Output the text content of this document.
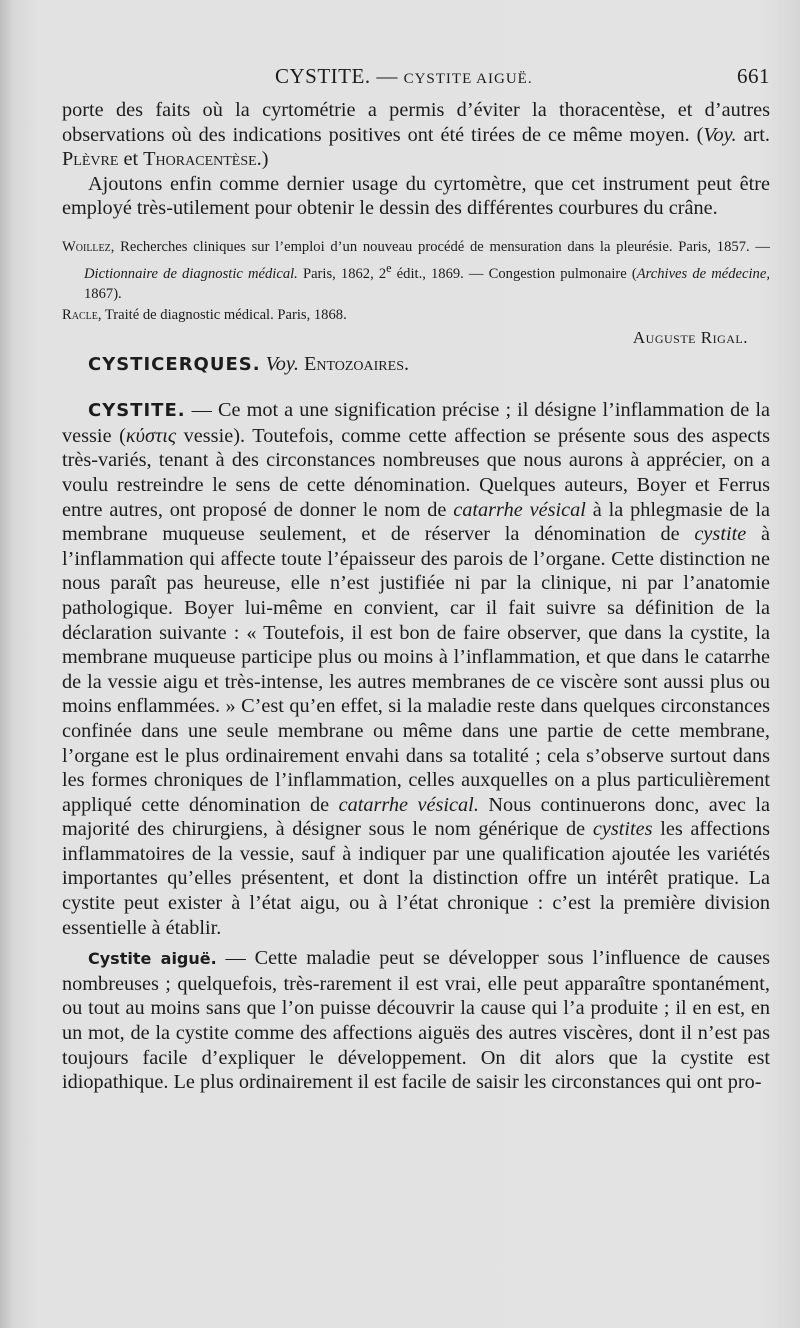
CYSTITE. — CYSTITE AIGUË.	661

porte des faits où la cyrtométrie a permis d’éviter la thoracentèse, et d’autres observations où des indications positives ont été tirées de ce même moyen. (Voy. art. Plèvre et Thoracentèse.)

Ajoutons enfin comme dernier usage du cyrtomètre, que cet instrument peut être employé très-utilement pour obtenir le dessin des différentes courbures du crâne.

Woillez, Recherches cliniques sur l’emploi d’un nouveau procédé de mensuration dans la pleurésie. Paris, 1857. — Dictionnaire de diagnostic médical. Paris, 1862, 2e édit., 1869. — Congestion pulmonaire (Archives de médecine, 1867).

Racle, Traité de diagnostic médical. Paris, 1868.

Auguste Rigal.
CYSTICERQUES. Voy. Entozoaires.

CYSTITE. — Ce mot a une signification précise ; il désigne l’inflammation de la vessie (κύστις vessie). Toutefois, comme cette affection se présente sous des aspects très-variés, tenant à des circonstances nombreuses que nous aurons à apprécier, on a voulu restreindre le sens de cette dénomination. Quelques auteurs, Boyer et Ferrus entre autres, ont proposé de donner le nom de catarrhe vésical à la phlegmasie de la membrane muqueuse seulement, et de réserver la dénomination de cystite à l’inflammation qui affecte toute l’épaisseur des parois de l’organe. Cette distinction ne nous paraît pas heureuse, elle n’est justifiée ni par la clinique, ni par l’anatomie pathologique. Boyer lui-même en convient, car il fait suivre sa définition de la déclaration suivante : « Toutefois, il est bon de faire observer, que dans la cystite, la membrane muqueuse participe plus ou moins à l’inflammation, et que dans le catarrhe de la vessie aigu et très-intense, les autres membranes de ce viscère sont aussi plus ou moins enflammées. » C’est qu’en effet, si la maladie reste dans quelques circonstances confinée dans une seule membrane ou même dans une partie de cette membrane, l’organe est le plus ordinairement envahi dans sa totalité ; cela s’observe surtout dans les formes chroniques de l’inflammation, celles auxquelles on a plus particulièrement appliqué cette dénomination de catarrhe vésical. Nous continuerons donc, avec la majorité des chirurgiens, à désigner sous le nom générique de cystites les affections inflammatoires de la vessie, sauf à indiquer par une qualification ajoutée les variétés importantes qu’elles présentent, et dont la distinction offre un intérêt pratique. La cystite peut exister à l’état aigu, ou à l’état chronique : c’est la première division essentielle à établir.

Cystite aiguë. — Cette maladie peut se développer sous l’influence de causes nombreuses ; quelquefois, très-rarement il est vrai, elle peut apparaître spontanément, ou tout au moins sans que l’on puisse découvrir la cause qui l’a produite ; il en est, en un mot, de la cystite comme des affections aiguës des autres viscères, dont il n’est pas toujours facile d’expliquer le développement. On dit alors que la cystite est idiopathique. Le plus ordinairement il est facile de saisir les circonstances qui ont pro-
